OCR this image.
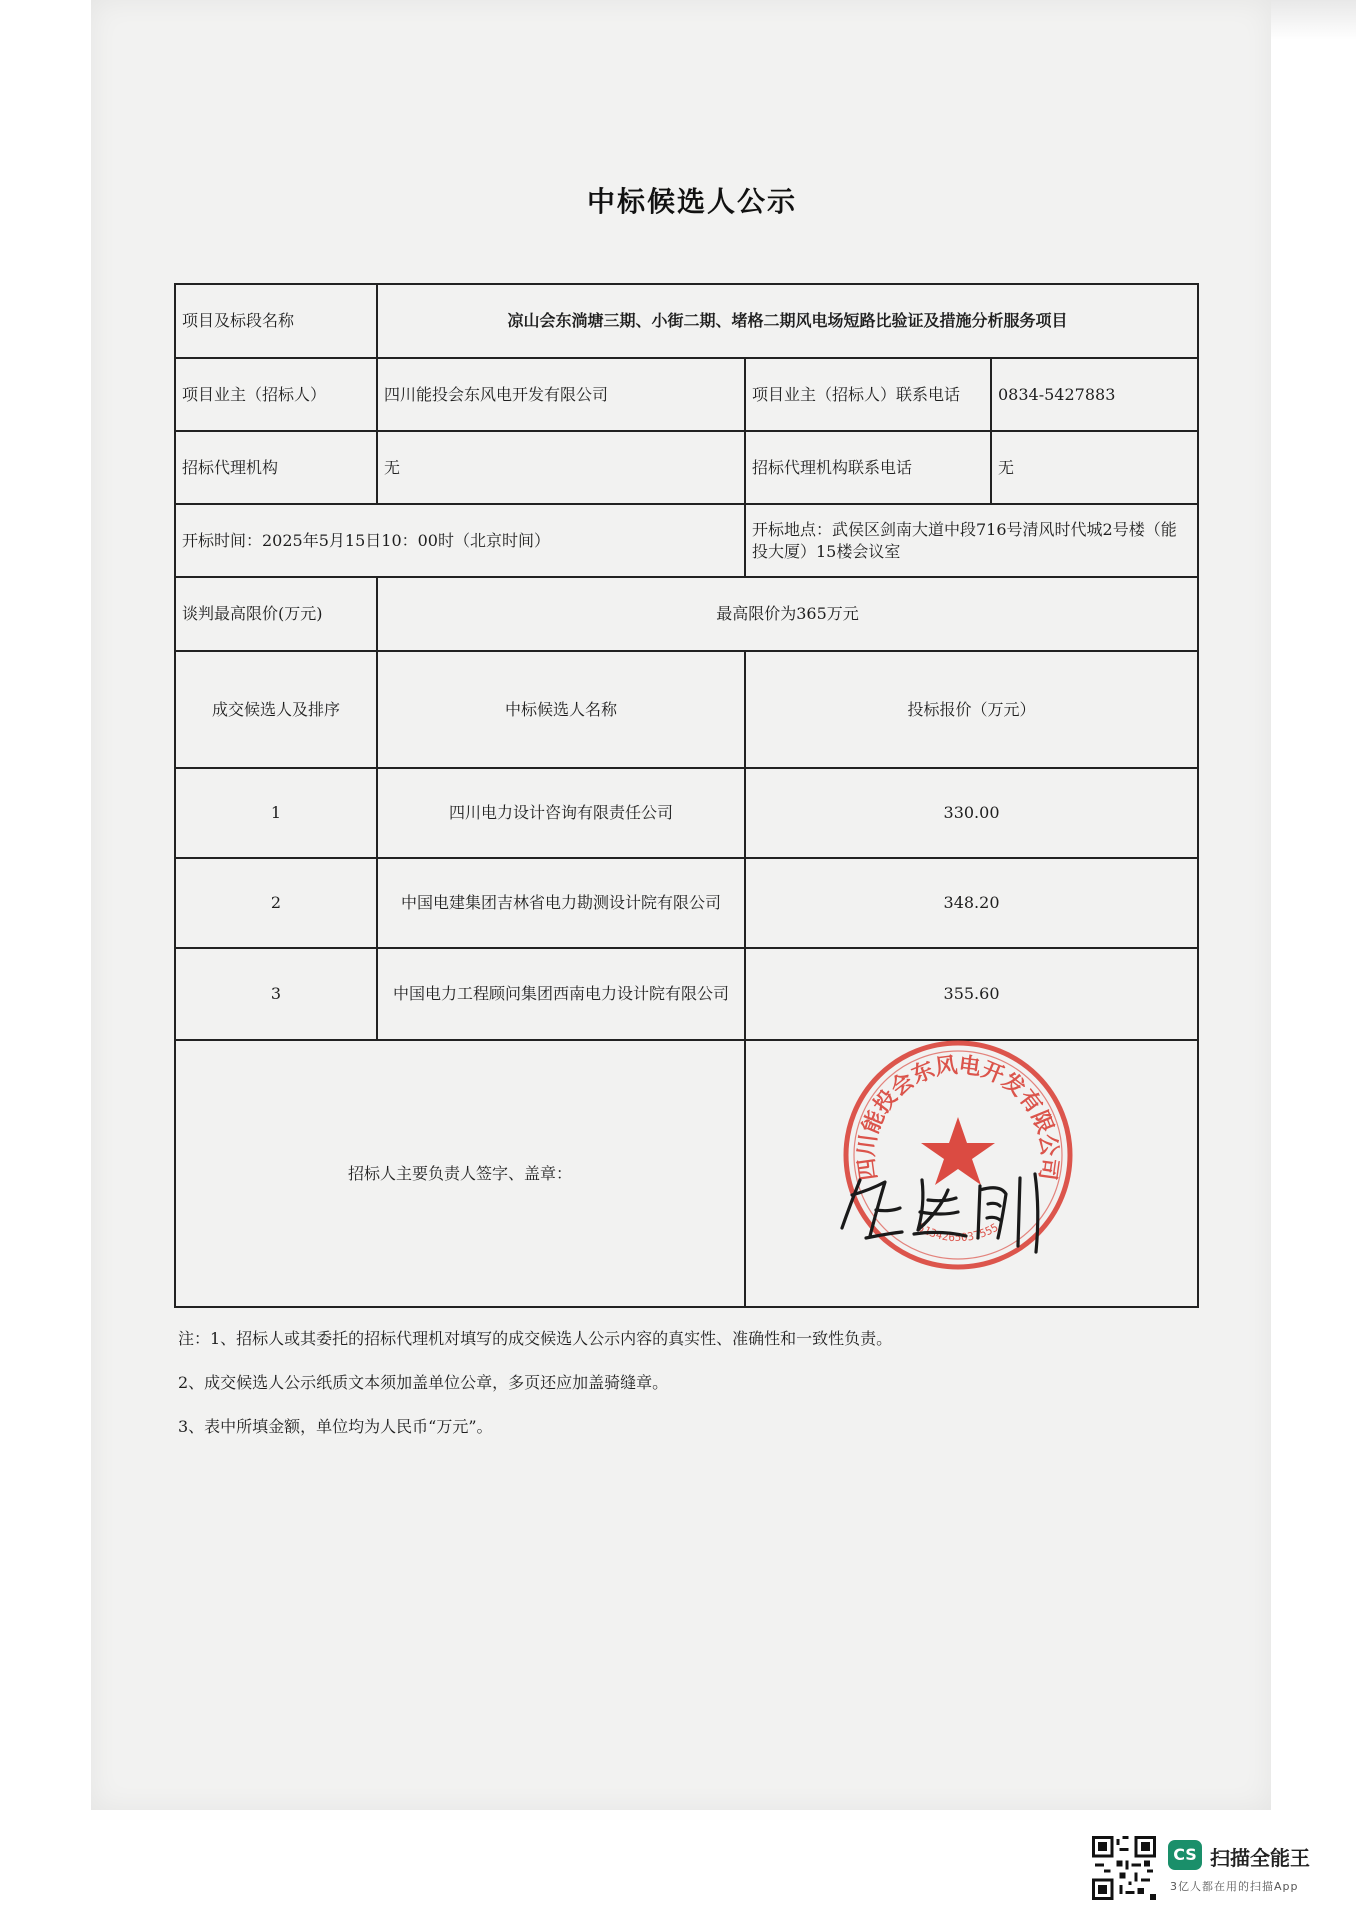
中标候选人公示
项目及标段名称	凉山会东淌塘三期、小街二期、堵格二期风电场短路比验证及措施分析服务项目		
项目业主（招标人）	四川能投会东风电开发有限公司	项目业主（招标人）联系电话	0834-5427883
招标代理机构	无	招标代理机构联系电话	无
开标时间：2025年5月15日10：00时（北京时间）		开标地点：武侯区剑南大道中段716号清风时代城2号楼（能投大厦）15楼会议室	
谈判最高限价(万元)	最高限价为365万元		
成交候选人及排序	中标候选人名称	投标报价（万元）	
1	四川电力设计咨询有限责任公司	330.00	
2	中国电建集团吉林省电力勘测设计院有限公司	348.20	
3	中国电力工程顾问集团西南电力设计院有限公司	355.60	
招标人主要负责人签字、盖章：				四川能投会东风电开发有限公司
5134265037555
注：1、招标人或其委托的招标代理机对填写的成交候选人公示内容的真实性、准确性和一致性负责。
2、成交候选人公示纸质文本须加盖单位公章，多页还应加盖骑缝章。
3、表中所填金额，单位均为人民币“万元”。
CS 扫描全能王
3亿人都在用的扫描App
